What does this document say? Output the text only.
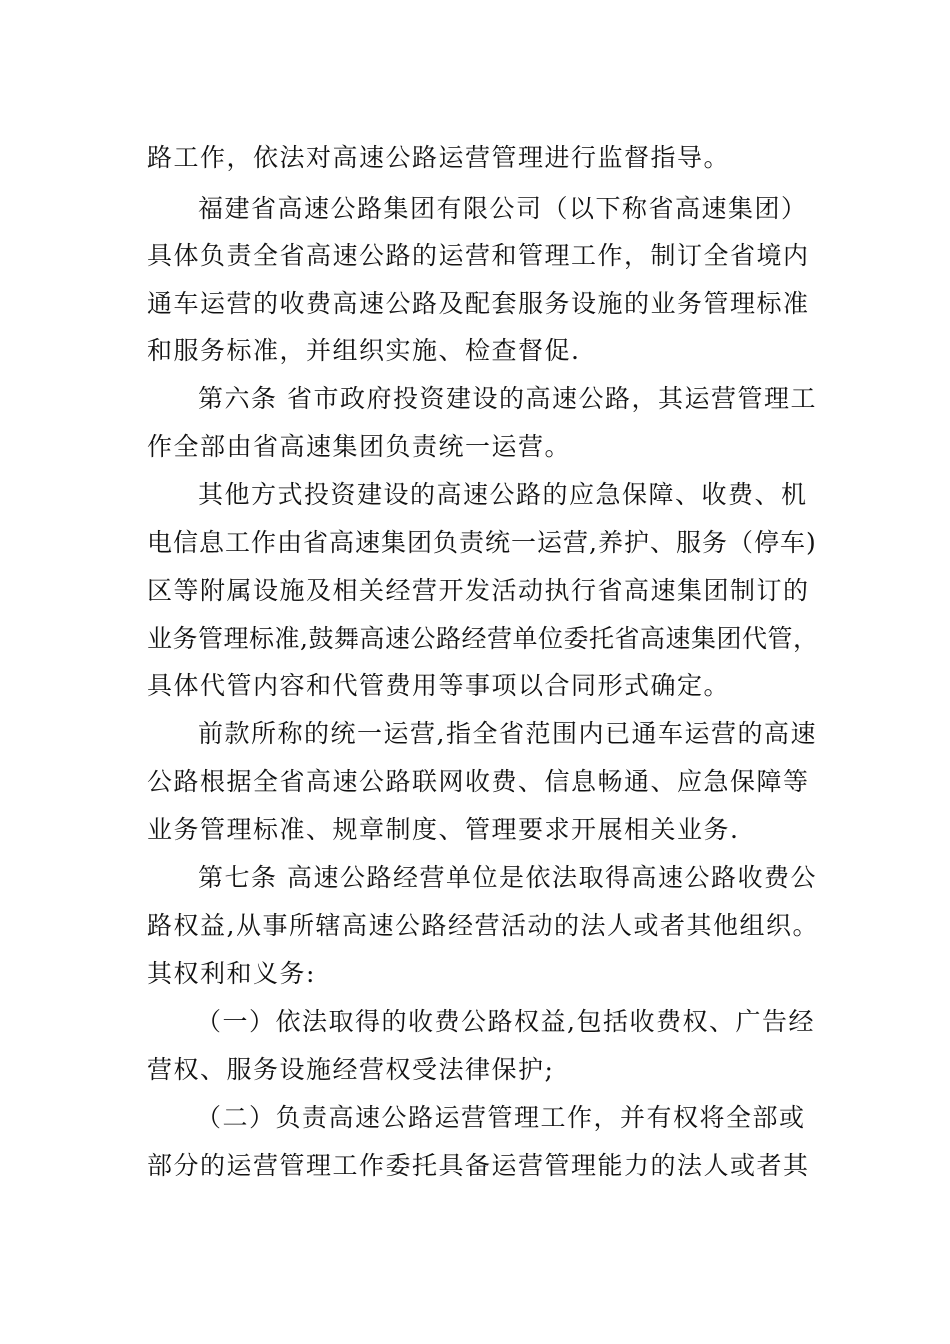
路工作，依法对高速公路运营管理进行监督指导。
福建省高速公路集团有限公司（以下称省高速集团）
具体负责全省高速公路的运营和管理工作，制订全省境内
通车运营的收费高速公路及配套服务设施的业务管理标准
和服务标准，并组织实施、检查督促.
第六条 省市政府投资建设的高速公路，其运营管理工
作全部由省高速集团负责统一运营。
其他方式投资建设的高速公路的应急保障、收费、机
电信息工作由省高速集团负责统一运营,养护、服务（停车)
区等附属设施及相关经营开发活动执行省高速集团制订的
业务管理标准,鼓舞高速公路经营单位委托省高速集团代管，
具体代管内容和代管费用等事项以合同形式确定。
前款所称的统一运营,指全省范围内已通车运营的高速
公路根据全省高速公路联网收费、信息畅通、应急保障等
业务管理标准、规章制度、管理要求开展相关业务.
第七条 高速公路经营单位是依法取得高速公路收费公
路权益,从事所辖高速公路经营活动的法人或者其他组织。
其权利和义务:
（一）依法取得的收费公路权益,包括收费权、广告经
营权、服务设施经营权受法律保护;
（二）负责高速公路运营管理工作，并有权将全部或
部分的运营管理工作委托具备运营管理能力的法人或者其
